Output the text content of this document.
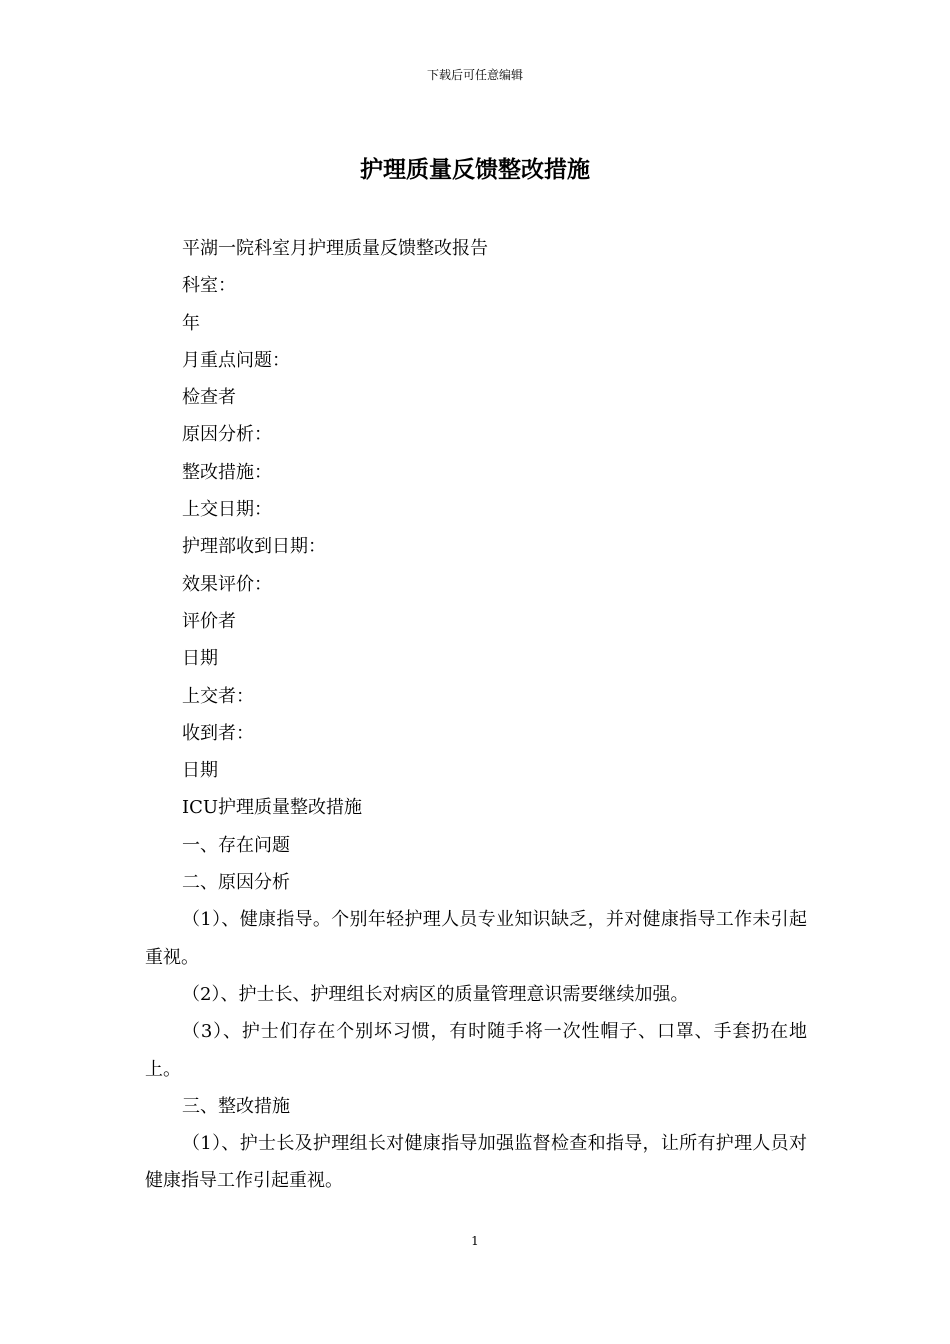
下载后可任意编辑
护理质量反馈整改措施

平湖一院科室月护理质量反馈整改报告

科室：

年

月重点问题：

检查者

原因分析：

整改措施：

上交日期：

护理部收到日期：

效果评价：

评价者

日期

上交者：

收到者：

日期

ICU护理质量整改措施

一、存在问题

二、原因分析

（1）、健康指导。个别年轻护理人员专业知识缺乏，并对健康指导工作未引起重视。

（2）、护士长、护理组长对病区的质量管理意识需要继续加强。

（3）、护士们存在个别坏习惯，有时随手将一次性帽子、口罩、手套扔在地上。

三、整改措施

（1）、护士长及护理组长对健康指导加强监督检查和指导，让所有护理人员对健康指导工作引起重视。

1
